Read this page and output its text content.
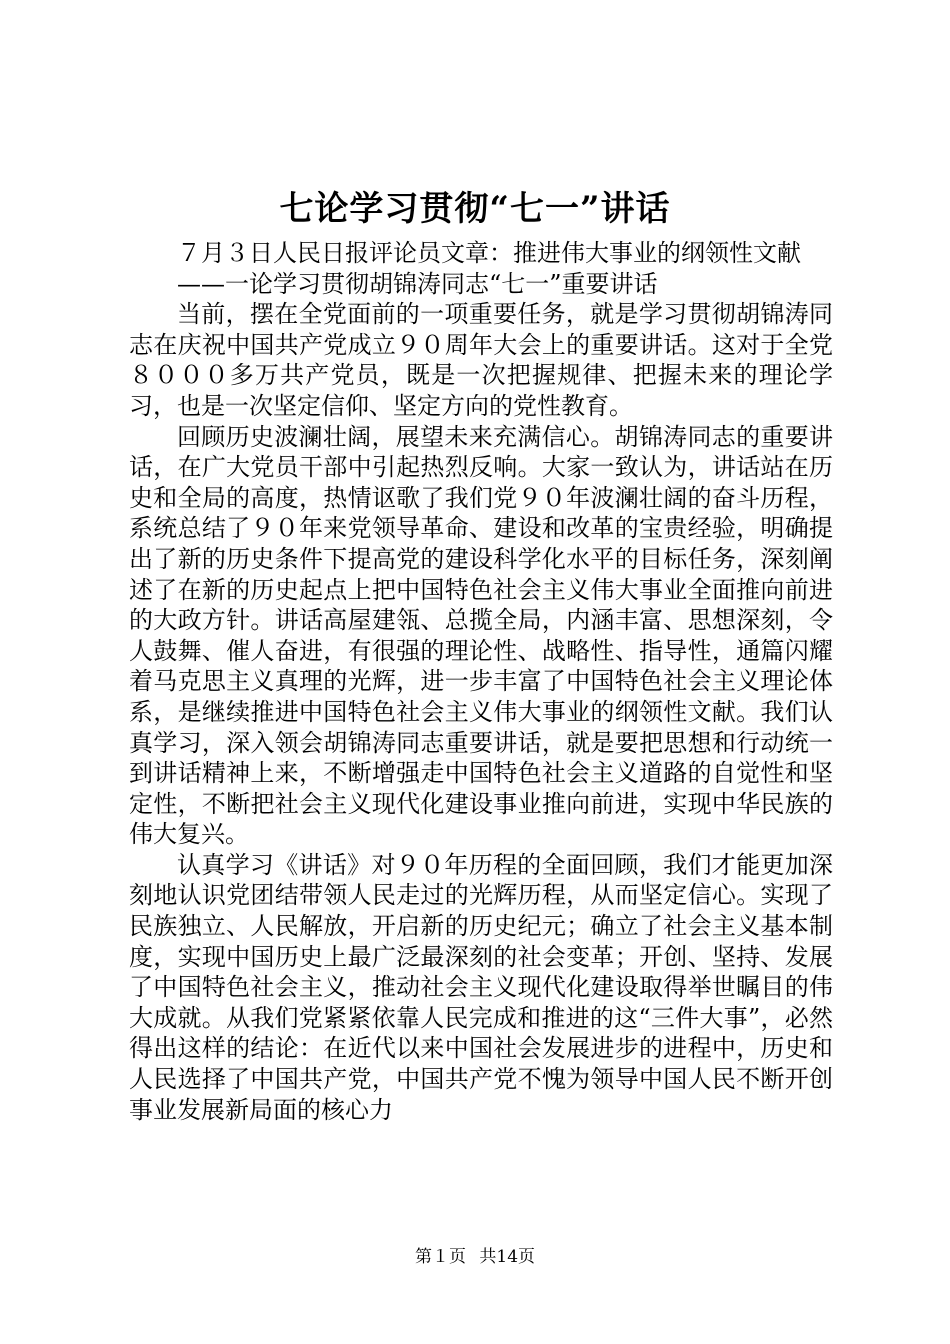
七论学习贯彻“七一”讲话

７月３日人民日报评论员文章：推进伟大事业的纲领性文献

——一论学习贯彻胡锦涛同志“七一”重要讲话

当前，摆在全党面前的一项重要任务，就是学习贯彻胡锦涛同志在庆祝中国共产党成立９０周年大会上的重要讲话。这对于全党８０００多万共产党员，既是一次把握规律、把握未来的理论学习，也是一次坚定信仰、坚定方向的党性教育。

回顾历史波澜壮阔，展望未来充满信心。胡锦涛同志的重要讲话，在广大党员干部中引起热烈反响。大家一致认为，讲话站在历史和全局的高度，热情讴歌了我们党９０年波澜壮阔的奋斗历程，系统总结了９０年来党领导革命、建设和改革的宝贵经验，明确提出了新的历史条件下提高党的建设科学化水平的目标任务，深刻阐述了在新的历史起点上把中国特色社会主义伟大事业全面推向前进的大政方针。讲话高屋建瓴、总揽全局，内涵丰富、思想深刻，令人鼓舞、催人奋进，有很强的理论性、战略性、指导性，通篇闪耀着马克思主义真理的光辉，进一步丰富了中国特色社会主义理论体系，是继续推进中国特色社会主义伟大事业的纲领性文献。我们认真学习，深入领会胡锦涛同志重要讲话，就是要把思想和行动统一到讲话精神上来，不断增强走中国特色社会主义道路的自觉性和坚定性，不断把社会主义现代化建设事业推向前进，实现中华民族的伟大复兴。

认真学习《讲话》对９０年历程的全面回顾，我们才能更加深刻地认识党团结带领人民走过的光辉历程，从而坚定信心。实现了民族独立、人民解放，开启新的历史纪元；确立了社会主义基本制度，实现中国历史上最广泛最深刻的社会变革；开创、坚持、发展了中国特色社会主义，推动社会主义现代化建设取得举世瞩目的伟大成就。从我们党紧紧依靠人民完成和推进的这“三件大事”，必然得出这样的结论：在近代以来中国社会发展进步的进程中，历史和人民选择了中国共产党，中国共产党不愧为领导中国人民不断开创事业发展新局面的核心力

第１页 共14页
